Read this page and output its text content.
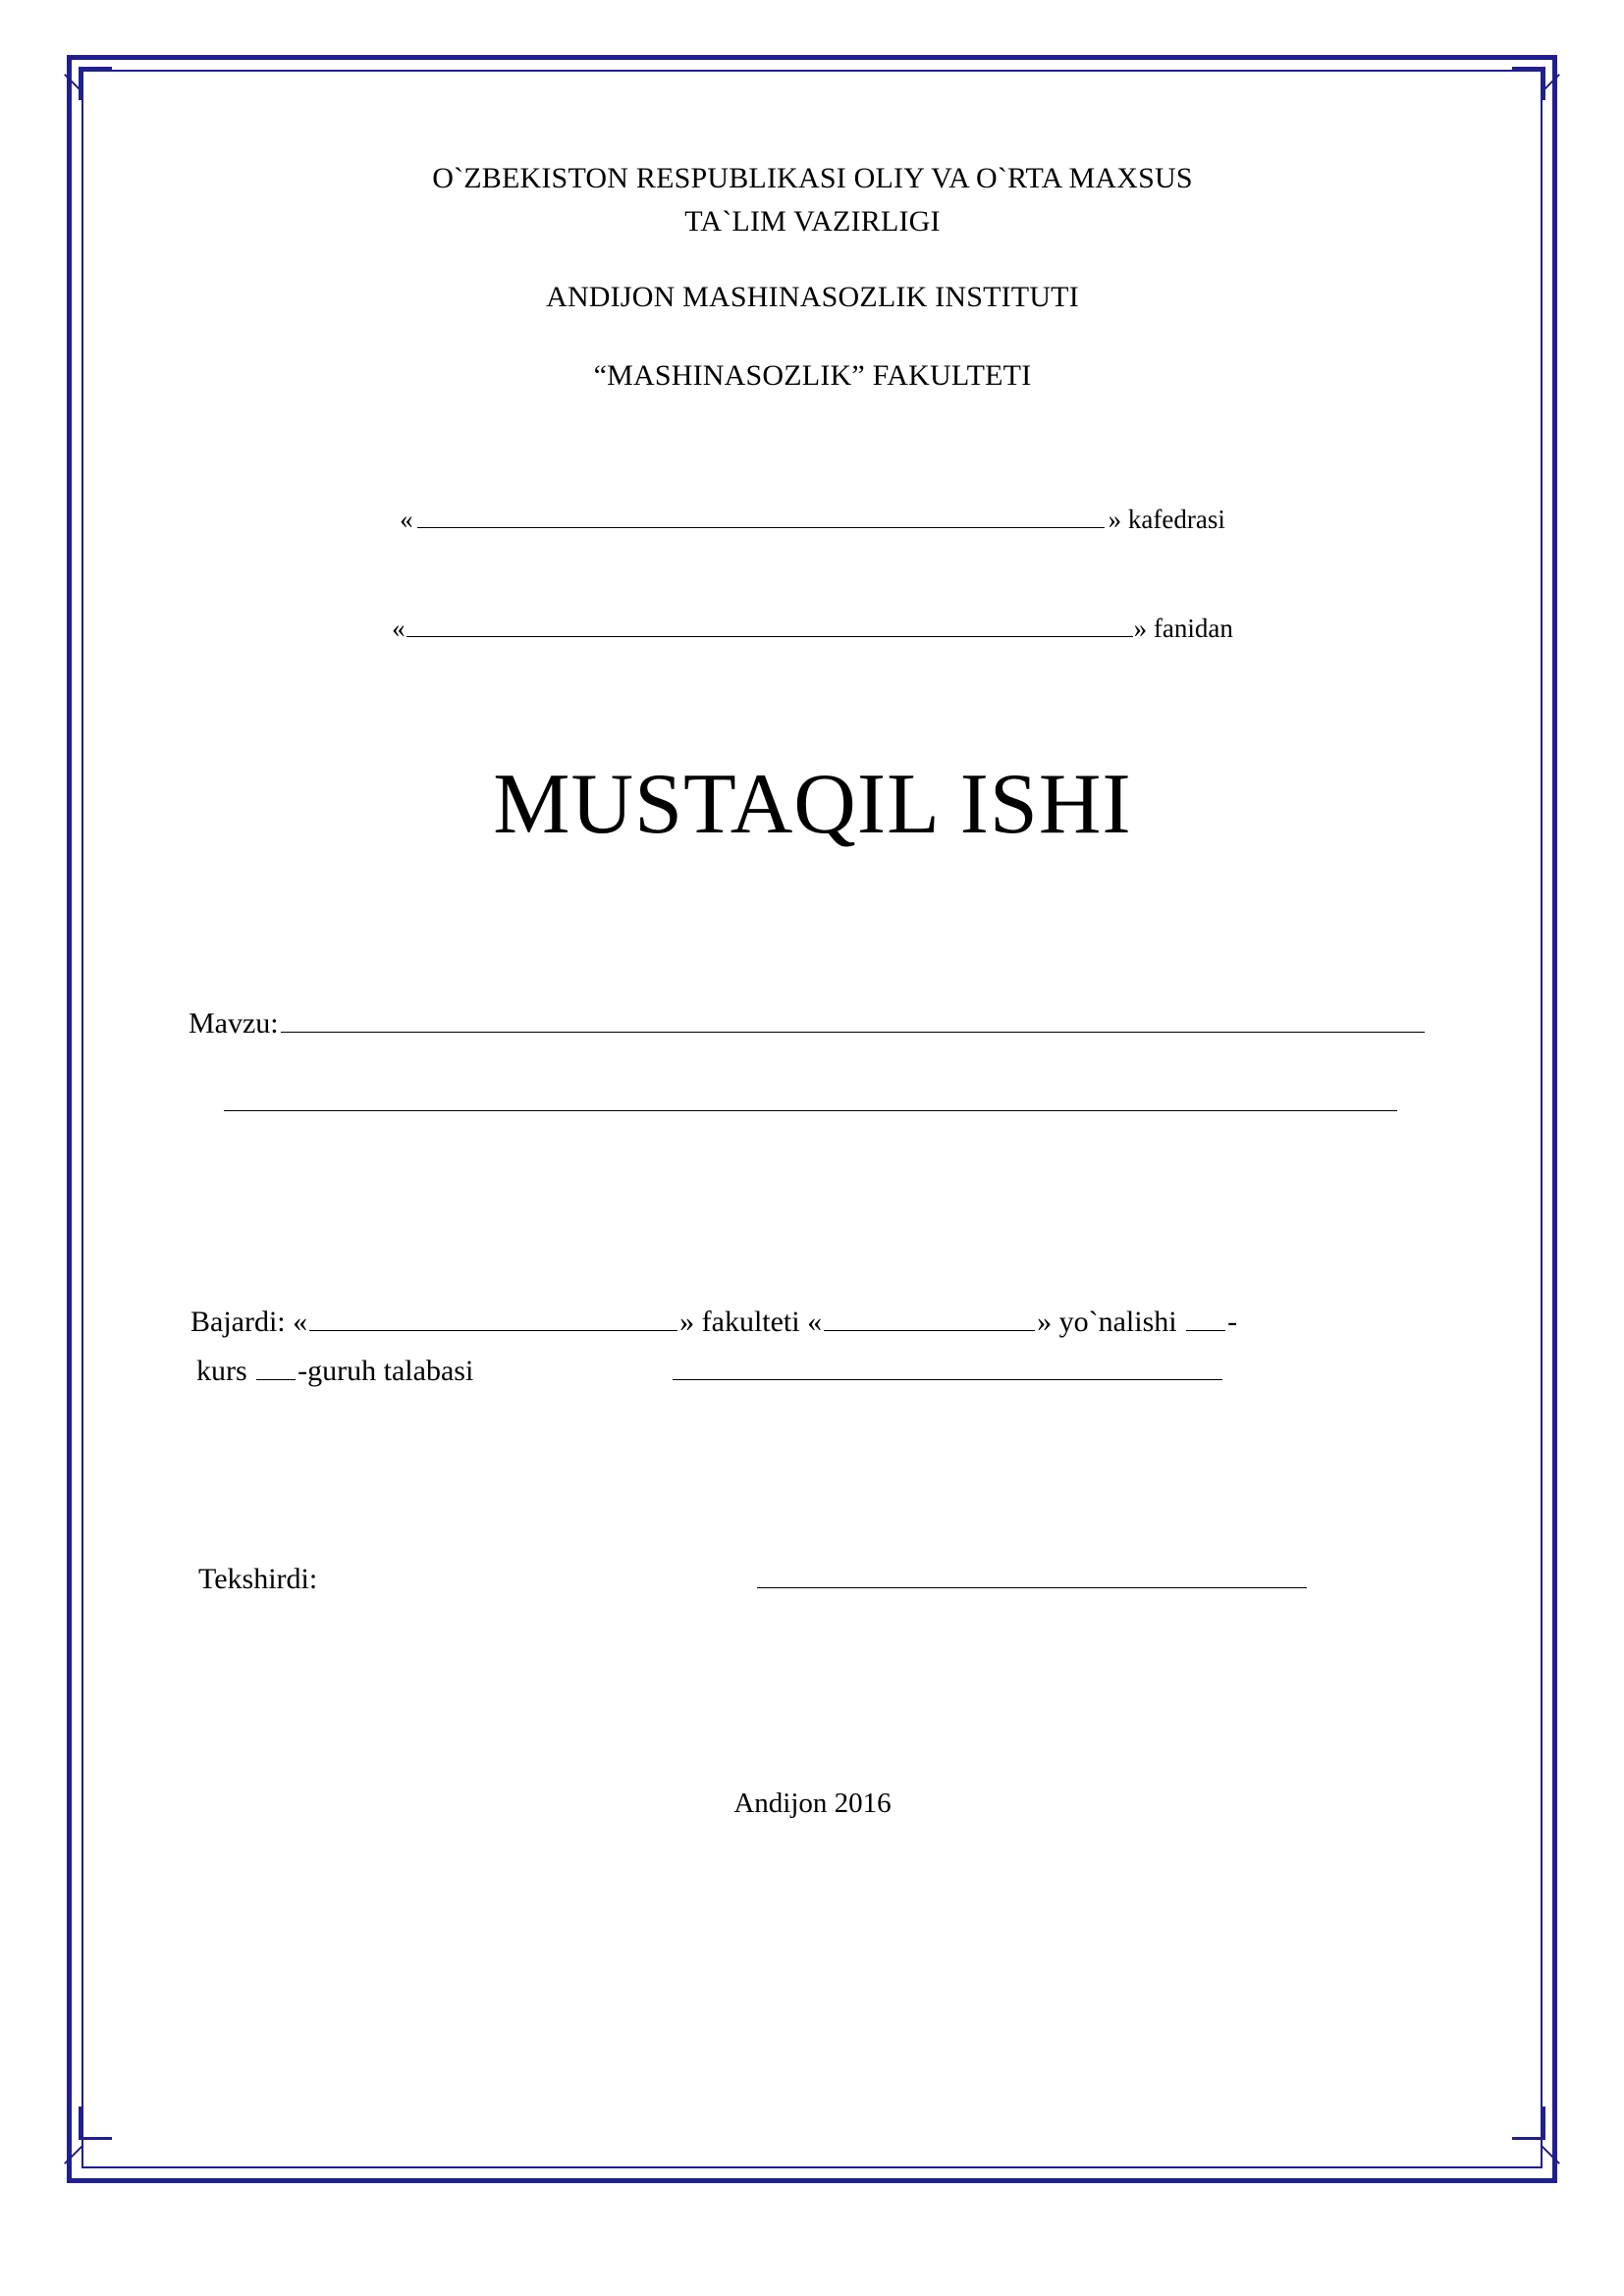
O`ZBEKISTON RESPUBLIKASI OLIY VA O`RTA MAXSUS
TA`LIM VAZIRLIGI
ANDIJON MASHINASOZLIK INSTITUTI
“MASHINASOZLIK” FAKULTETI
«	» kafedrasi
«	» fanidan
MUSTAQIL ISHI
Mavzu:
Bajardi: «	» fakulteti «	» yo`nalishi -
kurs -guruh talabasi
Tekshirdi:
Andijon 2016
